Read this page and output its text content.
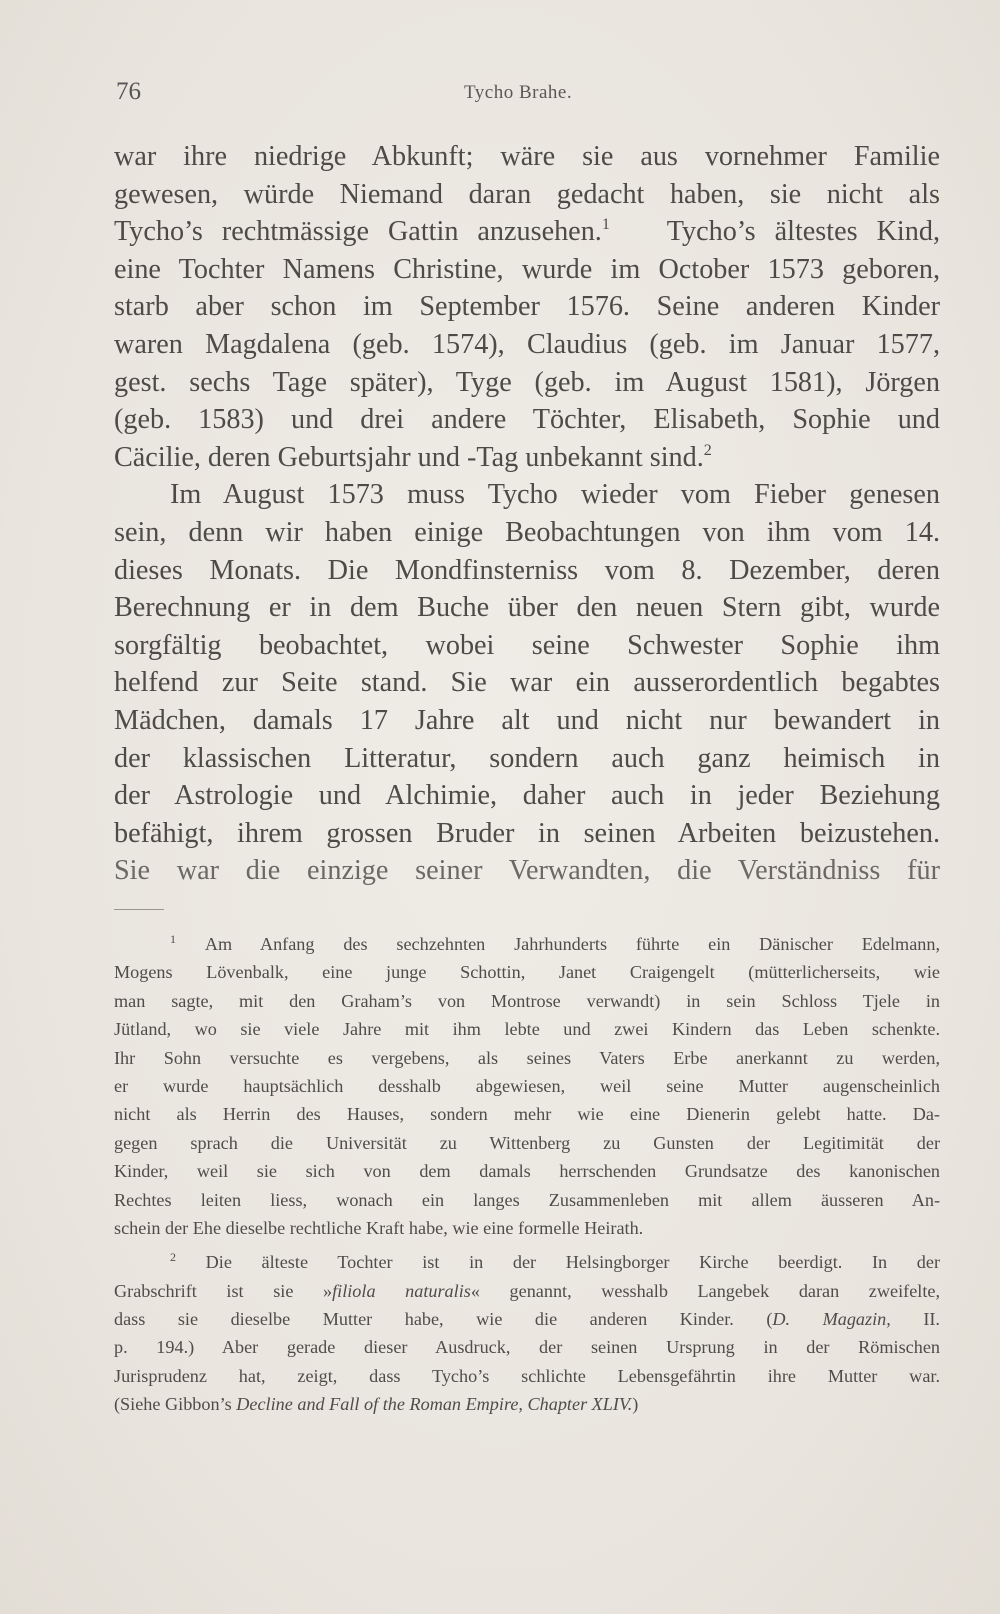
76	Tycho Brahe.
war ihre niedrige Abkunft; wäre sie aus vornehmer Familie
gewesen, würde Niemand daran gedacht haben, sie nicht als
Tycho’s rechtmässige Gattin anzusehen.$^1$ Tycho’s ältestes Kind,
eine Tochter Namens Christine, wurde im October 1573 geboren,
starb aber schon im September 1576. Seine anderen Kinder
waren Magdalena (geb. 1574), Claudius (geb. im Januar 1577,
gest. sechs Tage später), Tyge (geb. im August 1581), Jörgen
(geb. 1583) und drei andere Töchter, Elisabeth, Sophie und
Cäcilie, deren Geburtsjahr und -Tag unbekannt sind.$^2$
Im August 1573 muss Tycho wieder vom Fieber genesen
sein, denn wir haben einige Beobachtungen von ihm vom 14.
dieses Monats. Die Mondfinsterniss vom 8. Dezember, deren
Berechnung er in dem Buche über den neuen Stern gibt, wurde
sorgfältig beobachtet, wobei seine Schwester Sophie ihm
helfend zur Seite stand. Sie war ein ausserordentlich begabtes
Mädchen, damals 17 Jahre alt und nicht nur bewandert in
der klassischen Litteratur, sondern auch ganz heimisch in
der Astrologie und Alchimie, daher auch in jeder Beziehung
befähigt, ihrem grossen Bruder in seinen Arbeiten beizustehen.
Sie war die einzige seiner Verwandten, die Verständniss für
$^1$ Am Anfang des sechzehnten Jahrhunderts führte ein Dänischer Edelmann,
Mogens Lövenbalk, eine junge Schottin, Janet Craigengelt (mütterlicherseits, wie
man sagte, mit den Graham’s von Montrose verwandt) in sein Schloss Tjele in
Jütland, wo sie viele Jahre mit ihm lebte und zwei Kindern das Leben schenkte.
Ihr Sohn versuchte es vergebens, als seines Vaters Erbe anerkannt zu werden,
er wurde hauptsächlich desshalb abgewiesen, weil seine Mutter augenscheinlich
nicht als Herrin des Hauses, sondern mehr wie eine Dienerin gelebt hatte. Da-
gegen sprach die Universität zu Wittenberg zu Gunsten der Legitimität der
Kinder, weil sie sich von dem damals herrschenden Grundsatze des kanonischen
Rechtes leiten liess, wonach ein langes Zusammenleben mit allem äusseren An-
schein der Ehe dieselbe rechtliche Kraft habe, wie eine formelle Heirath.
$^2$ Die älteste Tochter ist in der Helsingborger Kirche beerdigt. In der
Grabschrift ist sie »filiola naturalis« genannt, wesshalb Langebek daran zweifelte,
dass sie dieselbe Mutter habe, wie die anderen Kinder. (D. Magazin, II.
p. 194.) Aber gerade dieser Ausdruck, der seinen Ursprung in der Römischen
Jurisprudenz hat, zeigt, dass Tycho’s schlichte Lebensgefährtin ihre Mutter war.
(Siehe Gibbon’s Decline and Fall of the Roman Empire, Chapter XLIV.)
